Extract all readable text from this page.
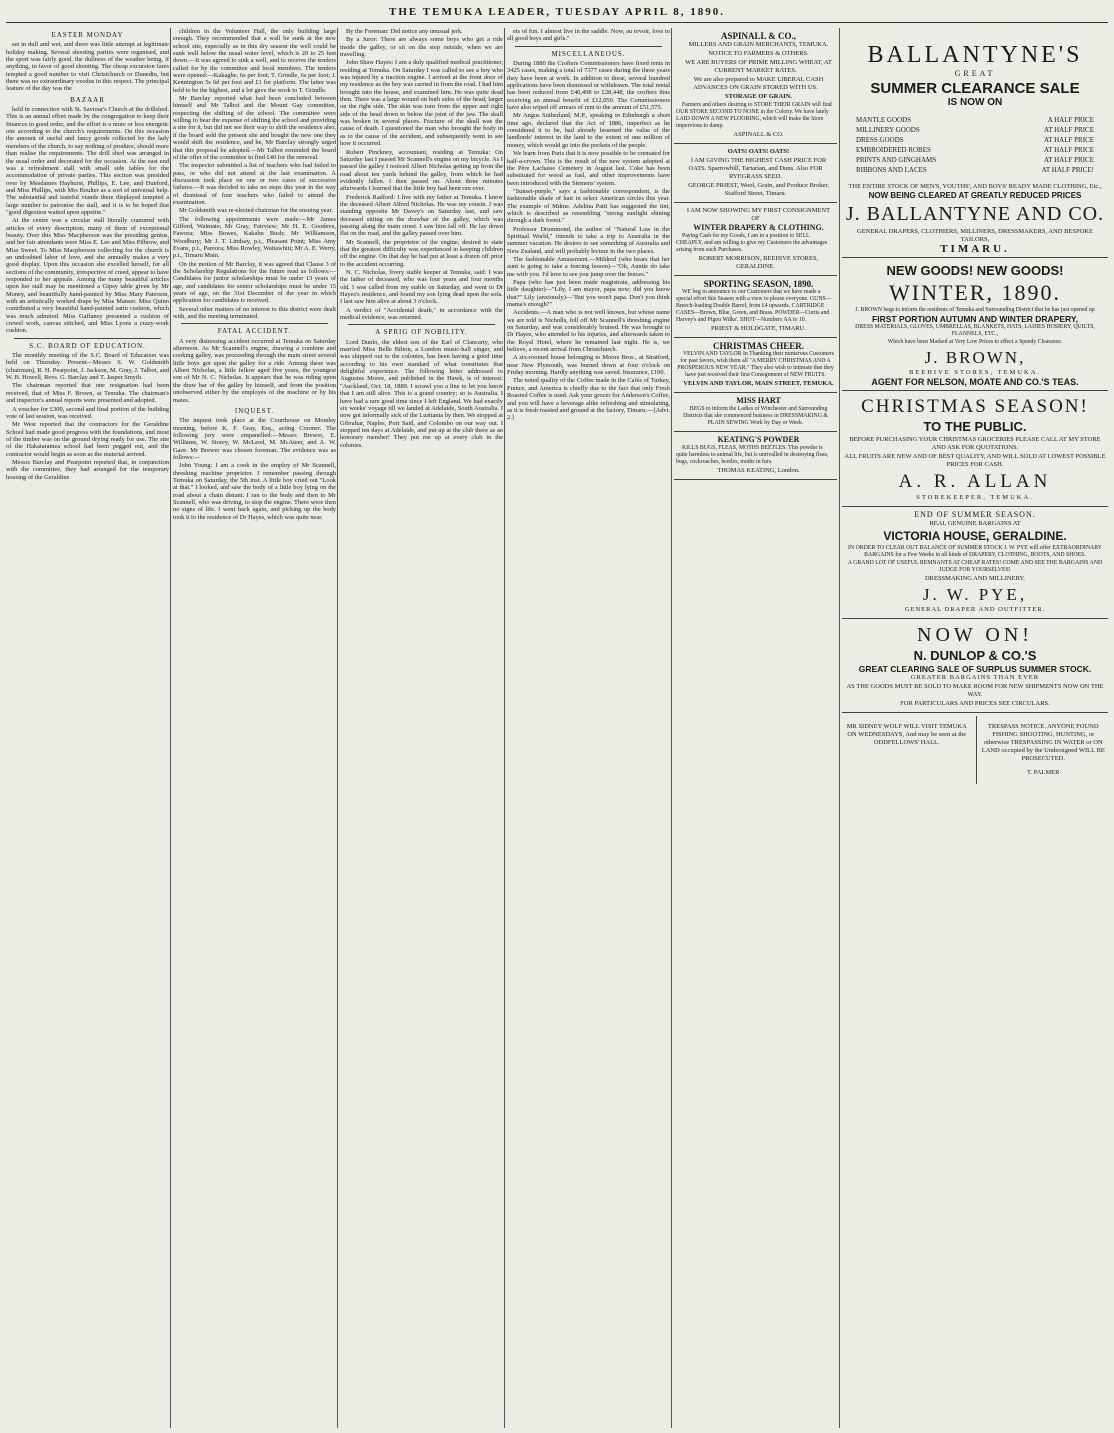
THE TEMUKA LEADER, TUESDAY APRIL 8, 1890.
EASTER MONDAY

set in dull and wet, and there was little attempt at legitimate holiday making. Several shooting parties were organised, and the sport was fairly good, the dullness of the weather being, if anything, in favor of good shooting. The cheap excursion fares tempted a good number to visit Christchurch or Dunedin, but there was no extraordinary exodus in this respect. The principal feature of the day was the

BAZAAR

held in connection with St. Saviour's Church at the drillshed. This is an annual effort made by the congregation to keep their finances in good order, and the effort is a more or less energetic one according to the church's requirements. On this occasion the amount of useful and fancy goods collected by the lady members of the church, to say nothing of produce, should more than realise the requirements. The drill shed was arranged in the usual order and decorated for the occasion. At the east end was a refreshment stall with small side tables for the accommodation of private parties. This section was presided over by Mesdames Hayhurst, Phillips, E. Lee, and Dunford, and Miss Phillips, with Mrs Boulter as a sort of universal help. The substantial and tasteful viands there displayed tempted a large number to patronise the stall, and it is to be hoped that "good digestion waited upon appetite."

At the centre was a circular stall literally crammed with articles of every description, many of them of exceptional beauty. Over this Miss Macpherson was the presiding genius, and her fair attendants were Miss E. Lee and Miss Pilbrow, and Miss Sweet. To Miss Macpherson collecting for the church is an undoubted labor of love, and she annually makes a very good display. Upon this occasion she excelled herself, for all sections of the community, irrespective of creed, appear to have responded to her appeals. Among the many beautiful articles upon her stall may be mentioned a Gipsy table given by Mr Money, and beautifully hand-painted by Miss Mary Paterson, with an artistically worked drape by Miss Manser. Miss Quinn contributed a very beautiful hand-painted satin cushion, which was much admired. Miss Gaffaney presented a cushion of crewel work, canvas stitched, and Miss Lyons a crazy-work cushion.

S.C. BOARD OF EDUCATION.

The monthly meeting of the S.C. Board of Education was held on Thursday. Present—Messrs S. W. Goldsmith (chairman), R. H. Pearpoint, J. Jackson, M. Gray, J. Talbot, and W. B. Howell, Revs. G. Barclay and T. Jasper Smyth.

The chairman reported that one resignation had been received, that of Miss F. Brown, at Temuka. The chairman's and inspector's annual reports were presented and adopted.

A voucher for £300, second and final portion of the building vote of last session, was received.

Mr West reported that the contractors for the Geraldine School had made good progress with the foundations, and most of the timber was on the ground drying ready for use. The site of the Hakataramea school had been pegged out, and the contractor would begin as soon as the material arrived.

Messrs Barclay and Pearpoint reported that, in conjunction with the committee, they had arranged for the temporary housing of the Geraldine

children in the Volunteer Hall, the only building large enough. They recommended that a wall be sunk at the new school site, especially as in this dry season the well could be sunk well below the usual water level, which is 20 to 25 feet down.—It was agreed to sink a well, and to receive the tenders called for by the committee and local members. The tenders were opened:—Kakaghe, 6s per foot; T. Grindle, 6s per foot; J. Kennington 5s 6d per foot and £1 for platform. The latter was held to be the highest, and a lot gave the work to T. Grindle.

Mr Barclay reported what had been concluded between himself and Mr Talbot and the Mount Gay committee, respecting the shifting of the school. The committee were willing to bear the expense of shifting the school and providing a site for it, but did not see their way to shift the residence also, if the board sold the present site and bought the new one they would shift the residence, and he, Mr Barclay strongly urged that this proposal be adopted.—Mr Talbot reminded the board of the offer of the committee to find £40 for the removal.

The inspector submitted a list of teachers who had failed to pass, or who did not attend at the last examination. A discussion took place on one or two cases of successive failures.—It was decided to take no steps this year in the way of dismissal of four teachers who failed to attend the examination.

Mr Goldsmith was re-elected chairman for the ensuing year.

The following appointments were made:—Mr James Gifford, Waimate; Mr Gray, Fairview; Mr H. E. Goodeve, Fawora; Miss Bowes, Kakahu Bush; Mr Williamson, Woodbury; Mr J. T. Lindsay, p.t., Pleasant Point; Miss Amy Evans, p.t., Pareora; Miss Rowley, Waitawhiti; Mr A. E. Werry, p.t., Timaru Main.

On the motion of Mr Barclay, it was agreed that Clause 3 of the Scholarship Regulations for the future read as follows:—Candidates for junior scholarships must be under 13 years of age, and candidates for senior scholarships must be under 15 years of age, on the 31st December of the year in which application for candidates is received.

Several other matters of no interest to this district were dealt with, and the meeting terminated.

FATAL ACCIDENT.

A very distressing accident occurred at Temuka on Saturday afternoon. As Mr Scannell's engine, drawing a combine and cooking galley, was proceeding through the main street several little boys got upon the galley for a ride. Among these was Albert Nicholas, a little fellow aged five years, the youngest son of Mr N. C. Nicholas. It appears that he was riding upon the draw bar of the galley by himself, and from the position unobserved either by the employés of the machine or by his mates.

INQUEST.

The inquest took place at the Courthouse on Monday morning, before K. F. Gray, Esq., acting Coroner. The following jury were empanelled:—Messrs Brewer, E. Williams, W. Storey, W. McLeod, M. McAteer, and A. W. Gaze. Mr Brewer was chosen foreman. The evidence was as follows:—

John Young: I am a cook in the employ of Mr Scannell, threshing machine proprietor. I remember passing through Temuka on Saturday, the 5th inst. A little boy cried out "Look at that." I looked, and saw the body of a little boy lying on the road about a chain distant. I ran to the body and then to Mr Scannell, who was driving, to stop the engine. There were then no signs of life. I went back again, and picking up the body took it to the residence of Dr Hayes, which was quite near.

By the Foreman: Did notice any unusual jerk.

By a Juror: There are always some boys who get a ride inside the galley, or sit on the step outside, when we are travelling.

John Shaw Hayes: I am a duly qualified medical practitioner, residing at Temuka. On Saturday I was called to see a boy who was injured by a traction engine. I arrived at the front door of my residence as the boy was carried in from the road. I had him brought into the house, and examined him. He was quite dead then. There was a large wound on both sides of the head, larger on the right side. The skin was torn from the upper and right side of the head down to below the joint of the jaw. The skull was broken in several places. Fracture of the skull was the cause of death. I questioned the man who brought the body in as to the cause of the accident, and subsequently went to see how it occurred.

Robert Pinckney, accountant, residing at Temuka: On Saturday last I passed Mr Scannell's engine on my bicycle. As I passed the galley I noticed Albert Nicholas getting up from the road about ten yards behind the galley, from which he had evidently fallen. I then passed on. About three minutes afterwards I learned that the little boy had been run over.

Frederick Radford: I live with my father at Temuka. I know the deceased Albert Alfred Nicholas. He was my cousin. I was standing opposite Mr Davey's on Saturday last, and saw deceased sitting on the drawbar of the galley, which was passing along the main street. I saw him fall off. He lay down flat on the road, and the galley passed over him.

Mr Scannell, the proprietor of the engine, desired to state that the greatest difficulty was experienced in keeping children off the engine. On that day he had put at least a dozen off prior to the accident occurring.

N. C. Nicholas, livery stable keeper at Temuka, said: I was the father of deceased, who was four years and four months old. I was called from my stable on Saturday, and went to Dr Hayes's residence, and found my son lying dead upon the sofa. I last saw him alive at about 3 o'clock.

A verdict of "Accidental death," in accordance with the medical evidence, was returned.

A SPRIG OF NOBILITY.

Lord Dunlo, the eldest son of the Earl of Clancarty, who married Miss Belle Bilton, a London music-hall singer, and was shipped out to the colonies, has been having a good time according to his own standard of what constitutes that delightful experience. The following letter addressed to Augustus Moore, and published in the Hawk, is of interest: "Auckland, Oct. 18, 1889. I scrawl you a line to let you know that I am still alive. This is a grand country; so is Australia. I have had a rare good time since I left England. We had exactly six weeks' voyage till we landed at Adelaide, South Australia. I now got informally sick of the Lusitania by then. We stopped at Gibraltar, Naples, Port Said, and Colombo on our way out. I stopped ten days at Adelaide, and put up at the club there as an honorary member! They put me up at every club in the colonies.

ets of fun. I almost live in the saddle. Now, au revoir, love to all good boys and girls."

MISCELLANEOUS.

During 1880 the Crofters Commissioners have fixed rents in 3425 cases, making a total of 7377 cases during the three years they have been at work. In addition to these, several hundred applications have been dismissed or withdrawn. The total rental has been reduced from £40,498 to £28,448, the crofters thus receiving an annual benefit of £12,050. The Commissioners have also wiped off arrears of rent to the amount of £51,575.

Mr Angus Sutherland, M.P., speaking in Edinburgh a short time ago, declared that the Act of 1886, imperfect as he considered it to be, had already lessened the value of the landlords' interest in the land to the extent of one million of money, which would go into the pockets of the people.

We learn from Paris that it is now possible to be cremated for half-a-crown. This is the result of the new system adopted at the Père Lachaise Cemetery in August last. Coke has been substituted for wood as fuel, and other improvements have been introduced with the Siemens' system.

"Sunset-purple," says a fashionable correspondent, is the fashionable shade of hair in select American circles this year. The example of Mdme. Adelina Patti has suggested the tint, which is described as resembling "strong sunlight shining through a dark forest."

Professor Drummond, the author of "Natural Law in the Spiritual World," intends to take a trip to Australia in the summer vacation. He desires to see something of Australia and New Zealand, and will probably lecture in the two places.

The fashionable Amusement.—Mildred (who hears that her aunt is going to take a fencing lesson)—"Oh, Auntie do take me with you. I'd love to see you jump over the fences."

Papa (who has just been made magistrate, addressing his little daughter)—"Lily, I am mayor, papa now; did you know that?" Lily (anxiously)—"But you won't papa. Don't you think mama's enough?"

Accidents.—A man who is not well known, but whose name we are told is Nicholls, fell off Mr Scannell's threshing engine on Saturday, and was considerably bruised. He was brought to Dr Hayes, who attended to his injuries, and afterwards taken to the Royal Hotel, where he remained last night. He is, we believe, a recent arrival from Christchurch.

A six-roomed house belonging to Moore Bros., at Stratford, near New Plymouth, was burned down at four o'clock on Friday morning. Hardly anything was saved. Insurance, £100.

The noted quality of the Coffee made in the Cafés of Turkey, France, and America is chiefly due to the fact that only Fresh Roasted Coffee is used. Ask your grocer for Anderson's Coffee, and you will have a beverage alike refreshing and stimulating, as it is fresh roasted and ground at the factory, Timaru.—[Advt. 2.]

ASPINALL & CO.,

MILLERS AND GRAIN MERCHANTS, TEMUKA.

NOTICE TO FARMERS & OTHERS.

WE ARE BUYERS OF PRIME MILLING WHEAT, AT CURRENT MARKET RATES.

We are also prepared to MAKE LIBERAL CASH ADVANCES ON GRAIN STORED WITH US.

STORAGE OF GRAIN.

Farmers and others desiring to STORE THEIR GRAIN will find OUR STORE SECOND TO NONE in the Colony. We have lately LAID DOWN A NEW FLOORING, which will make the Store impervious to damp.

ASPINALL & CO.

OATS! OATS! OATS!

I AM GIVING THE HIGHEST CASH PRICE FOR OATS. Sparrowbill, Tartarian, and Duns. Also FOR RYEGRASS SEED.

GEORGE PRIEST, Wool, Grain, and Produce Broker, Stafford Street, Timaru.

I AM NOW SHOWING MY FIRST CONSIGNMENT OF

WINTER DRAPERY & CLOTHING.

Paying Cash for my Goods, I am in a position to SELL CHEAPLY, and am willing to give my Customers the advantages arising from such Purchases.

ROBERT MORRISON, BEEHIVE STORES, GERALDINE.

SPORTING SEASON, 1890.

WE beg to announce to our Customers that we have made a special effort this Season with a view to please everyone. GUNS—Breech-loading Double Barrel, from £4 upwards. CARTRIDGE CASES—Brown, Blue, Green, and Brass. POWDER—Curtis and Harvey's and Pigou Wilks'. SHOT—Numbers AA to 10.

PRIEST & HOLDGATE, TIMARU.

CHRISTMAS CHEER.

VELVIN AND TAYLOR In Thanking their numerous Customers for past favors, wish them all "A MERRY CHRISTMAS AND A PROSPEROUS NEW YEAR." They also wish to intimate that they have just received their first Consignment of NEW FRUITS.

VELVIN AND TAYLOR, MAIN STREET, TEMUKA.

MISS HART

BEGS to inform the Ladies of Winchester and Surrounding Districts that she commenced business in DRESSMAKING & PLAIN SEWING Work by Day or Week.

KEATING'S POWDER

KILLS BUGS, FLEAS, MOTHS BEETLES. This powder is quite harmless to animal life, but is unrivalled in destroying fleas, bugs, cockroaches, beetles, moths in furs.

THOMAS KEATING, London.

BALLANTYNE'S

GREAT

SUMMER CLEARANCE SALE

IS NOW ON

MANTLE GOODS	A HALF PRICE
MILLINERY GOODS	AT HALF PRICE
DRESS GOODS	AT HALF PRICE
EMBROIDERED ROBES	AT HALF PRICE
PRINTS AND GINGHAMS	AT HALF PRICE
RIBBONS AND LACES	AT HALF PRICE!

THE ENTIRE STOCK OF MEN'S, YOUTHS', AND BOYS' READY MADE CLOTHING, Etc.,

NOW BEING CLEARED AT GREATLY REDUCED PRICES

J. BALLANTYNE AND CO.

GENERAL DRAPERS, CLOTHIERS, MILLINERS, DRESSMAKERS, AND BESPOKE TAILORS,

TIMARU.

NEW GOODS! NEW GOODS!

WINTER, 1890.

J. BROWN begs to inform the residents of Temuka and Surrounding District that he has just opened up

FIRST PORTION AUTUMN AND WINTER DRAPERY,

DRESS MATERIALS, GLOVES, UMBRELLAS, BLANKETS, HATS, LADIES HOSIERY, QUILTS, FLANNELS, ETC.,

Which have been Marked at Very Low Prices to effect a Speedy Clearance.

J. BROWN,

BEEHIVE STORES, TEMUKA.

AGENT FOR NELSON, MOATE AND CO.'S TEAS.

CHRISTMAS SEASON!

TO THE PUBLIC.

BEFORE PURCHASING YOUR CHRISTMAS GROCERIES PLEASE CALL AT MY STORE AND ASK FOR QUOTATIONS.

ALL FRUITS ARE NEW AND OF BEST QUALITY, AND WILL SOLD AT LOWEST POSSIBLE PRICES FOR CASH.

A. R. ALLAN

STOREKEEPER, TEMUKA.

END OF SUMMER SEASON.

REAL GENUINE BARGAINS AT

VICTORIA HOUSE, GERALDINE.

IN ORDER TO CLEAR OUT BALANCE OF SUMMER STOCK J. W. PYE will offer EXTRAORDINARY BARGAINS for a Few Weeks in all kinds of DRAPERY, CLOTHING, BOOTS, AND SHOES.

A GRAND LOT OF USEFUL REMNANTS AT CHEAP RATES! COME AND SEE THE BARGAINS AND JUDGE FOR YOURSELVES!

DRESSMAKING AND MILLINERY.

J. W. PYE,

GENERAL DRAPER AND OUTFITTER.

NOW ON!

N. DUNLOP & CO.'S

GREAT CLEARING SALE OF SURPLUS SUMMER STOCK.

GREATER BARGAINS THAN EVER

AS THE GOODS MUST BE SOLD TO MAKE ROOM FOR NEW SHIPMENTS NOW ON THE WAY.

FOR PARTICULARS AND PRICES SEE CIRCULARS.

MR SIDNEY WOLF WILL VISIT TEMUKA ON WEDNESDAYS, And may be seen at the ODDFELLOWS' HALL.

TRESPASS NOTICE. ANYONE FOUND FISHING SHOOTING, HUNTING, or otherwise TRESPASSING IN WATER or ON LAND occupied by the Undersigned WILL BE PROSECUTED.

T. PALMER
